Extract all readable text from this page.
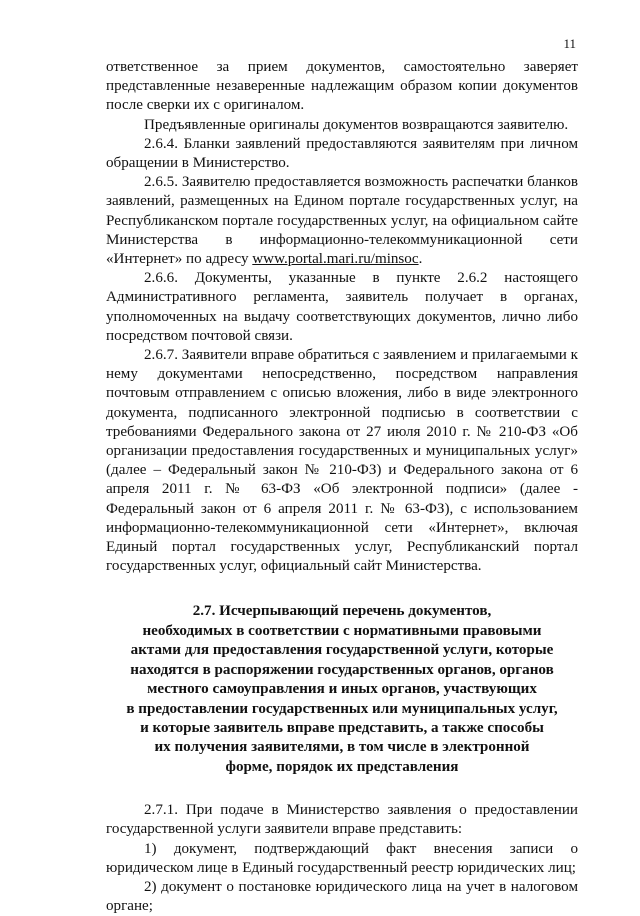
11

ответственное за прием документов, самостоятельно заверяет представленные незаверенные надлежащим образом копии документов после сверки их с оригиналом.

Предъявленные оригиналы документов возвращаются заявителю.

2.6.4. Бланки заявлений предоставляются заявителям при личном обращении в Министерство.

2.6.5. Заявителю предоставляется возможность распечатки бланков заявлений, размещенных на Едином портале государственных услуг, на Республиканском портале государственных услуг, на официальном сайте Министерства в информационно-телекоммуникационной сети «Интернет» по адресу www.portal.mari.ru/minsoc.

2.6.6. Документы, указанные в пункте 2.6.2 настоящего Административного регламента, заявитель получает в органах, уполномоченных на выдачу соответствующих документов, лично либо посредством почтовой связи.

2.6.7. Заявители вправе обратиться с заявлением и прилагаемыми к нему документами непосредственно, посредством направления почтовым отправлением с описью вложения, либо в виде электронного документа, подписанного электронной подписью в соответствии с требованиями Федерального закона от 27 июля 2010 г. № 210-ФЗ «Об организации предоставления государственных и муниципальных услуг» (далее – Федеральный закон № 210-ФЗ) и Федерального закона от 6 апреля 2011 г. № 63-ФЗ «Об электронной подписи» (далее - Федеральный закон от 6 апреля 2011 г. № 63-ФЗ), с использованием информационно-телекоммуникационной сети «Интернет», включая Единый портал государственных услуг, Республиканский портал государственных услуг, официальный сайт Министерства.

2.7. Исчерпывающий перечень документов,
необходимых в соответствии с нормативными правовыми
актами для предоставления государственной услуги, которые
находятся в распоряжении государственных органов, органов
местного самоуправления и иных органов, участвующих
в предоставлении государственных или муниципальных услуг,
и которые заявитель вправе представить, а также способы
их получения заявителями, в том числе в электронной
форме, порядок их представления

2.7.1. При подаче в Министерство заявления о предоставлении государственной услуги заявители вправе представить:

1) документ, подтверждающий факт внесения записи о юридическом лице в Единый государственный реестр юридических лиц;

2) документ о постановке юридического лица на учет в налоговом органе;
